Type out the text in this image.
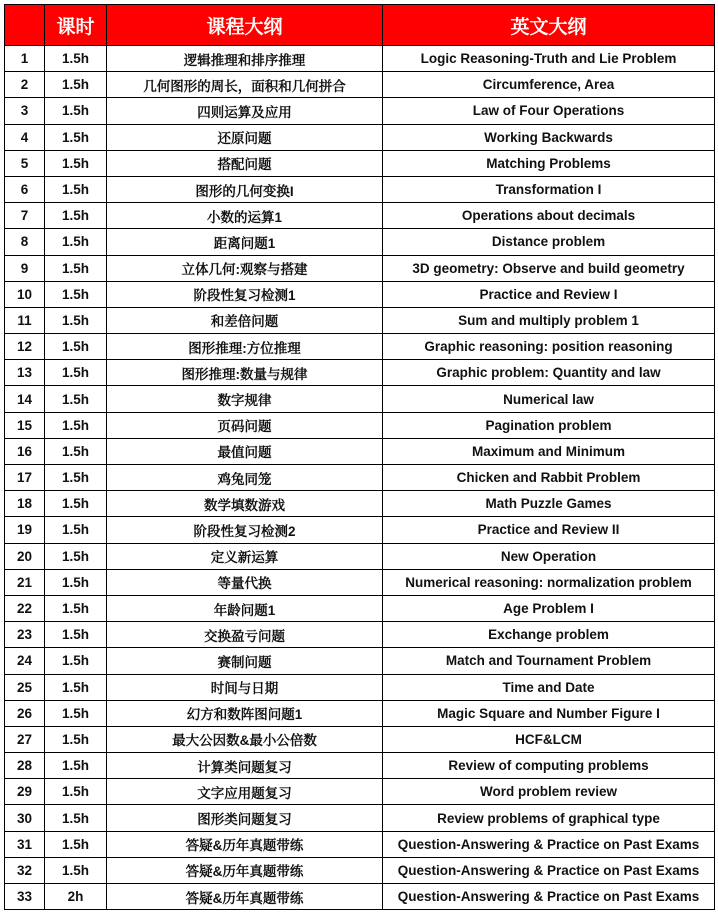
	课时	课程大纲	英文大纲
1	1.5h	逻辑推理和排序推理	Logic Reasoning-Truth and Lie Problem
2	1.5h	几何图形的周长，面积和几何拼合	Circumference, Area
3	1.5h	四则运算及应用	Law of Four Operations
4	1.5h	还原问题	Working Backwards
5	1.5h	搭配问题	Matching Problems
6	1.5h	图形的几何变换I	Transformation I
7	1.5h	小数的运算1	Operations about decimals
8	1.5h	距离问题1	Distance problem
9	1.5h	立体几何:观察与搭建	3D geometry: Observe and build geometry
10	1.5h	阶段性复习检测1	Practice and Review I
11	1.5h	和差倍问题	Sum and multiply problem 1
12	1.5h	图形推理:方位推理	Graphic reasoning: position reasoning
13	1.5h	图形推理:数量与规律	Graphic problem: Quantity and law
14	1.5h	数字规律	Numerical law
15	1.5h	页码问题	Pagination problem
16	1.5h	最值问题	Maximum and Minimum
17	1.5h	鸡兔同笼	Chicken and Rabbit Problem
18	1.5h	数学填数游戏	Math Puzzle Games
19	1.5h	阶段性复习检测2	Practice and Review II
20	1.5h	定义新运算	New Operation
21	1.5h	等量代换	Numerical reasoning: normalization problem
22	1.5h	年龄问题1	Age Problem I
23	1.5h	交换盈亏问题	Exchange problem
24	1.5h	赛制问题	Match and Tournament Problem
25	1.5h	时间与日期	Time and Date
26	1.5h	幻方和数阵图问题1	Magic Square and Number Figure I
27	1.5h	最大公因数&最小公倍数	HCF&LCM
28	1.5h	计算类问题复习	Review of computing problems
29	1.5h	文字应用题复习	Word problem review
30	1.5h	图形类问题复习	Review problems of graphical type
31	1.5h	答疑&历年真题带练	Question-Answering & Practice on Past Exams
32	1.5h	答疑&历年真题带练	Question-Answering & Practice on Past Exams
33	2h	答疑&历年真题带练	Question-Answering & Practice on Past Exams
